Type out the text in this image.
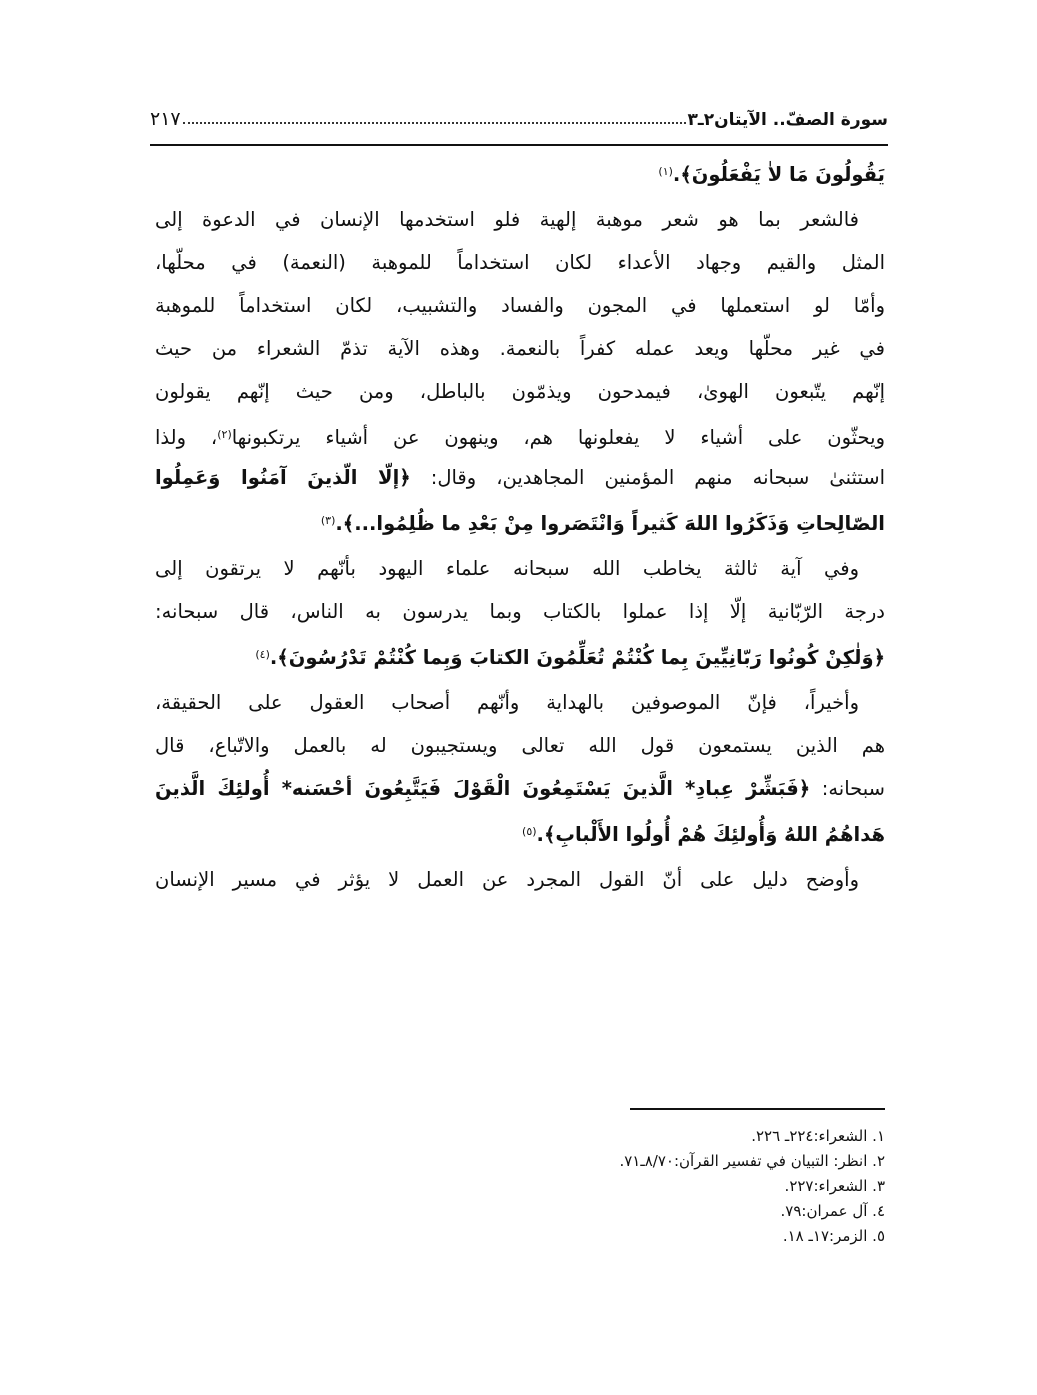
سورة الصفّ.. الآيتان٢ـ٣
٢١٧
يَقُولُونَ مَا لاٰ يَفْعَلُونَ﴾.$^{(١)}$
فالشعر بما هو شعر موهبة إلهية فلو استخدمها الإنسان في الدعوة إلى
المثل والقيم وجهاد الأعداء لكان استخداماً للموهبة (النعمة) في محلّها،
وأمّا لو استعملها في المجون والفساد والتشبيب، لكان استخداماً للموهبة
في غير محلّها ويعد عمله كفراً بالنعمة. وهذه الآية تذمّ الشعراء من حيث
إنّهم يتّبعون الهوىٰ، فيمدحون ويذمّون بالباطل، ومن حيث إنّهم يقولون
ويحثّون على أشياء لا يفعلونها هم، وينهون عن أشياء يرتكبونها$^{(٢)}$، ولذا
استثنىٰ سبحانه منهم المؤمنين المجاهدين، وقال: ﴿إلّا الّذينَ آمَنُوا وَعَمِلُوا
الصّالِحاتِ وَذَكَرُوا اللهَ كَثيراً وَانْتَصَروا مِنْ بَعْدِ ما ظُلِمُوا...﴾.$^{(٣)}$
وفي آية ثالثة يخاطب الله سبحانه علماء اليهود بأنّهم لا يرتقون إلى
درجة الرّبّانية إلّا إذا عملوا بالكتاب وبما يدرسون به الناس، قال سبحانه:
﴿وَلٰكِنْ كُونُوا رَبّانِيِّينَ بِما كُنْتُمْ تُعَلِّمُونَ الكتابَ وَبِما كُنْتُمْ تَدْرُسُونَ﴾.$^{(٤)}$
وأخيراً، فإنّ الموصوفين بالهداية وأنّهم أصحاب العقول على الحقيقة،
هم الذين يستمعون قول الله تعالى ويستجيبون له بالعمل والاتّباع، قال
سبحانه: ﴿فَبَشِّرْ عِبادِ* الَّذينَ يَسْتَمِعُونَ الْقَوْلَ فَيَتَّبِعُونَ أحْسَنه* أُولئِكَ الَّذينَ
هَداهُمُ اللهُ وَأُولئِكَ هُمْ أُولُوا الأَلْبابِ﴾.$^{(٥)}$
وأوضح دليل على أنّ القول المجرد عن العمل لا يؤثر في مسير الإنسان
١. الشعراء:٢٢٤ـ ٢٢٦.
٢. انظر: التبيان في تفسير القرآن:٨/٧٠ـ٧١.
٣. الشعراء:٢٢٧.
٤. آل عمران:٧٩.
٥. الزمر:١٧ـ ١٨.
